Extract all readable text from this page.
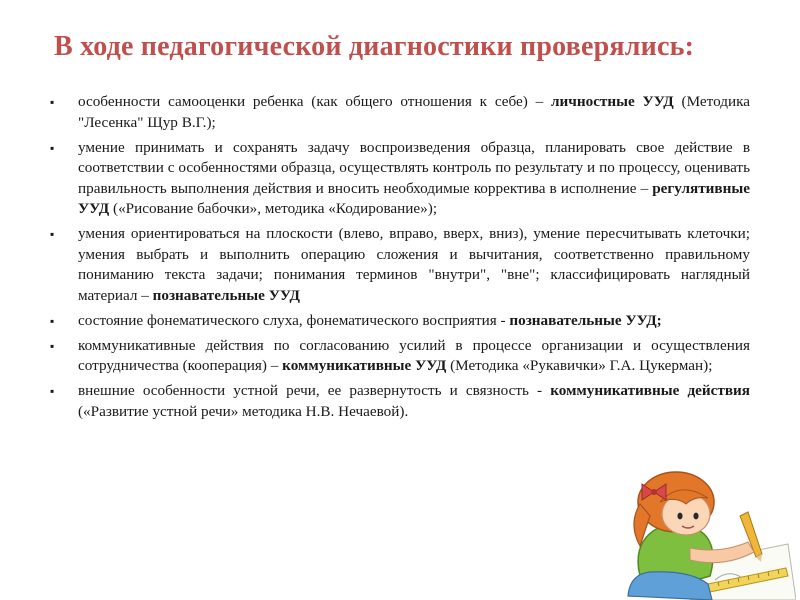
В ходе педагогической диагностики проверялись:
▪ особенности самооценки ребенка (как общего отношения к себе) – личностные УУД (Методика "Лесенка" Щур В.Г.);
▪ умение принимать и сохранять задачу воспроизведения образца, планировать свое действие в соответствии с особенностями образца, осуществлять контроль по результату и по процессу, оценивать правильность выполнения действия и вносить необходимые корректива в исполнение – регулятивные УУД («Рисование бабочки», методика «Кодирование»);
▪ умения ориентироваться на плоскости (влево, вправо, вверх, вниз), умение пересчитывать клеточки; умения выбрать и выполнить операцию сложения и вычитания, соответственно правильному пониманию текста задачи; понимания терминов "внутри", "вне"; классифицировать наглядный материал – познавательные УУД
▪ состояние фонематического слуха, фонематического восприятия - познавательные УУД;
▪ коммуникативные действия по согласованию усилий в процессе организации и осуществления сотрудничества (кооперация) – коммуникативные УУД (Методика «Рукавички» Г.А. Цукерман);
▪ внешние особенности устной речи, ее развернутость и связность - коммуникативные действия («Развитие устной речи» методика Н.В. Нечаевой).
